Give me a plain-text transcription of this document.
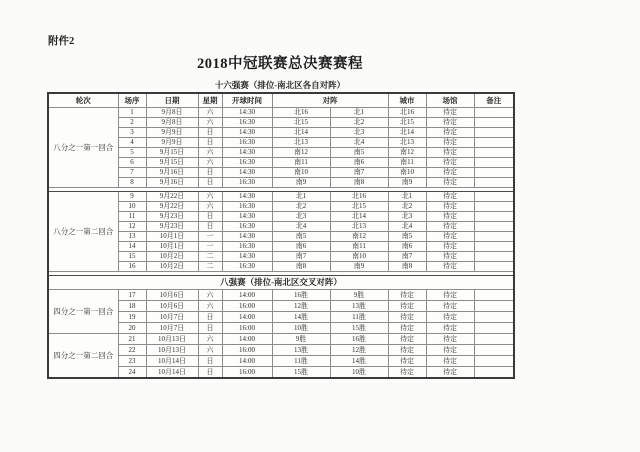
附件2
2018中冠联赛总决赛赛程
十六强赛（排位-南北区各自对阵）
轮次	场序	日期	星期	开球时间	对阵		城市	场馆	备注
八分之一第一回合	1	9月8日	六	14:30	北16	北1	北16	待定	
	2	9月8日	六	16:30	北15	北2	北15	待定	
	3	9月9日	日	14:30	北14	北3	北14	待定	
	4	9月9日	日	16:30	北13	北4	北13	待定	
	5	9月15日	六	14:30	南12	南5	南12	待定	
	6	9月15日	六	16:30	南11	南6	南11	待定	
	7	9月16日	日	14:30	南10	南7	南10	待定	
	8	9月16日	日	16:30	南9	南8	南9	待定	

八分之一第二回合	9	9月22日	六	14:30	北1	北16	北1	待定	
	10	9月22日	六	16:30	北2	北15	北2	待定	
	11	9月23日	日	14:30	北3	北14	北3	待定	
	12	9月23日	日	16:30	北4	北13	北4	待定	
	13	10月1日	一	14:30	南5	南12	南5	待定	
	14	10月1日	一	16:30	南6	南11	南6	待定	
	15	10月2日	二	14:30	南7	南10	南7	待定	
	16	10月2日	二	16:30	南8	南9	南8	待定	

八强赛（排位-南北区交叉对阵）									
四分之一第一回合	17	10月6日	六	14:00	16胜	9胜	待定	待定	
	18	10月6日	六	16:00	12胜	13胜	待定	待定	
	19	10月7日	日	14:00	14胜	11胜	待定	待定	
	20	10月7日	日	16:00	10胜	15胜	待定	待定	
四分之一第二回合	21	10月13日	六	14:00	9胜	16胜	待定	待定	
	22	10月13日	六	16:00	13胜	12胜	待定	待定	
	23	10月14日	日	14:00	11胜	14胜	待定	待定	
	24	10月14日	日	16:00	15胜	10胜	待定	待定	
